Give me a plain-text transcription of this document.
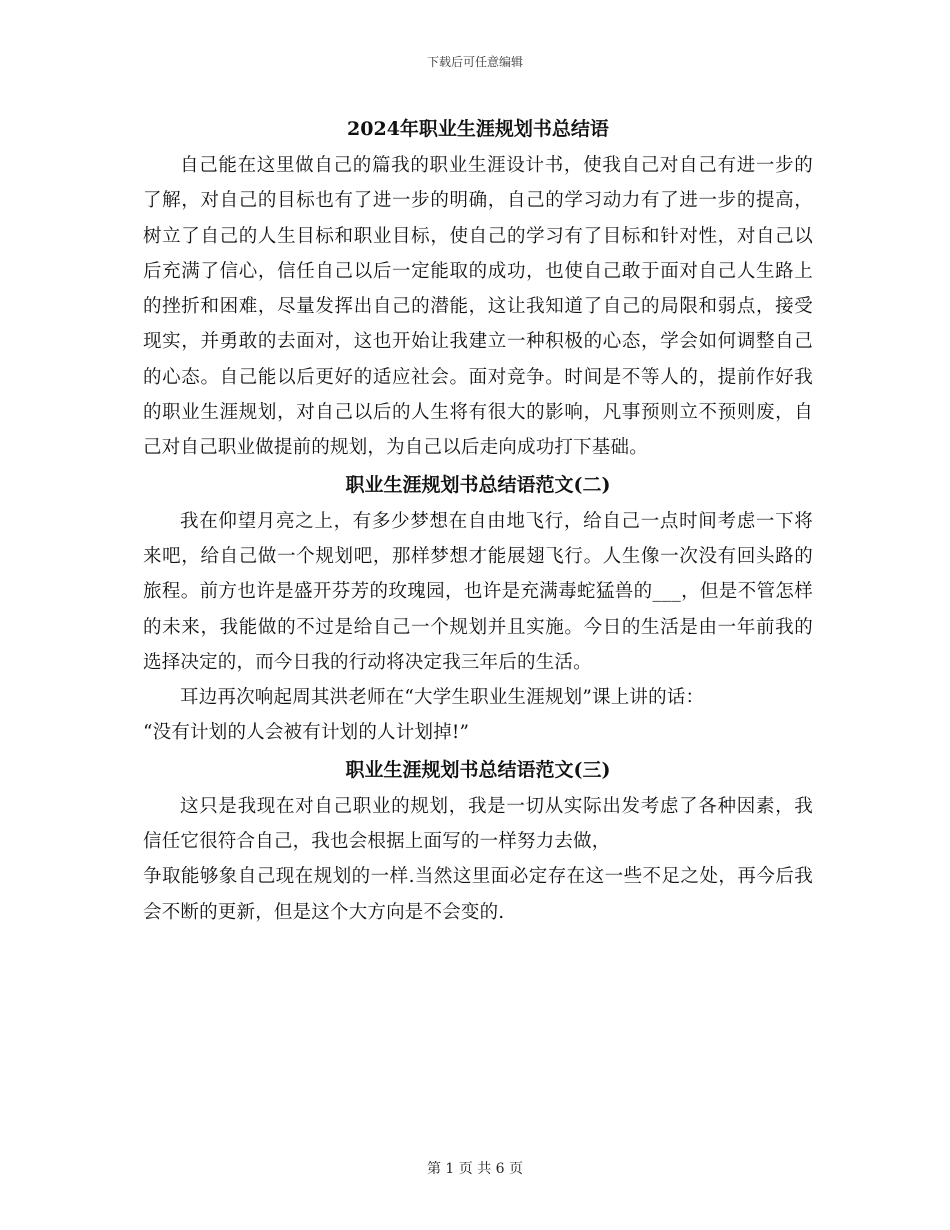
下载后可任意编辑
2024年职业生涯规划书总结语

自己能在这里做自己的篇我的职业生涯设计书，使我自己对自己有进一步的了解，对自己的目标也有了进一步的明确，自己的学习动力有了进一步的提高，树立了自己的人生目标和职业目标，使自己的学习有了目标和针对性，对自己以后充满了信心，信任自己以后一定能取的成功，也使自己敢于面对自己人生路上的挫折和困难，尽量发挥出自己的潜能，这让我知道了自己的局限和弱点，接受现实，并勇敢的去面对，这也开始让我建立一种积极的心态，学会如何调整自己的心态。自己能以后更好的适应社会。面对竞争。时间是不等人的，提前作好我的职业生涯规划，对自己以后的人生将有很大的影响，凡事预则立不预则废，自己对自己职业做提前的规划，为自己以后走向成功打下基础。

职业生涯规划书总结语范文(二)

我在仰望月亮之上，有多少梦想在自由地飞行，给自己一点时间考虑一下将来吧，给自己做一个规划吧，那样梦想才能展翅飞行。人生像一次没有回头路的旅程。前方也许是盛开芬芳的玫瑰园，也许是充满毒蛇猛兽的___，但是不管怎样的未来，我能做的不过是给自己一个规划并且实施。今日的生活是由一年前我的选择决定的，而今日我的行动将决定我三年后的生活。

耳边再次响起周其洪老师在“大学生职业生涯规划”课上讲的话：

“没有计划的人会被有计划的人计划掉!”

职业生涯规划书总结语范文(三)

这只是我现在对自己职业的规划，我是一切从实际出发考虑了各种因素，我信任它很符合自己，我也会根据上面写的一样努力去做，

争取能够象自己现在规划的一样.当然这里面必定存在这一些不足之处，再今后我会不断的更新，但是这个大方向是不会变的.

第 1 页 共 6 页
